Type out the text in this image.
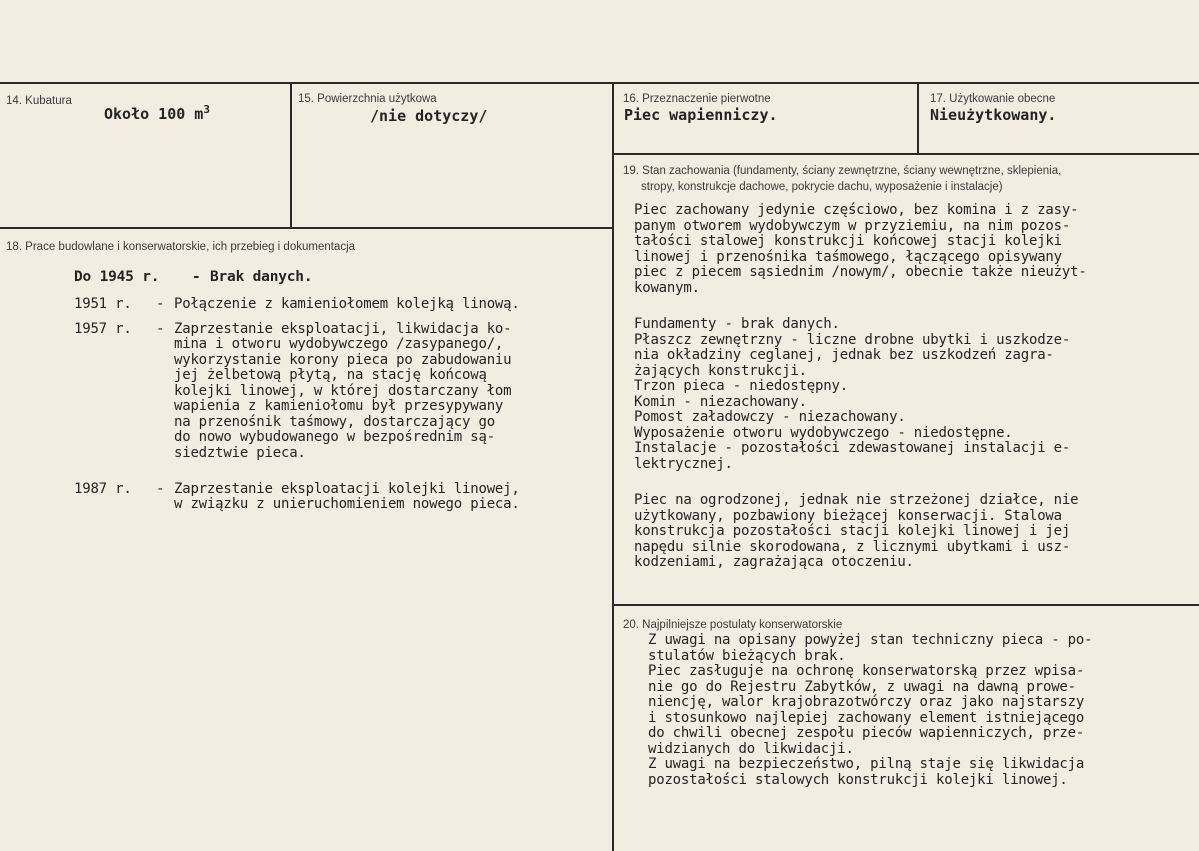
14. Kubatura
Około 100 $m^3$
15. Powierzchnia użytkowa
/nie dotyczy/
16. Przeznaczenie pierwotne
Piec wapienniczy.
17. Użytkowanie obecne
Nieużytkowany.
18. Prace budowlane i konserwatorskie, ich przebieg i dokumentacja

Do 1945 r. - Brak danych.

1951 r. - Połączenie z kamieniołomem kolejką linową.

1957 r. - Zaprzestanie eksploatacji, likwidacja ko-
mina i otworu wydobywczego /zasypanego/,
wykorzystanie korony pieca po zabudowaniu
jej żelbetową płytą, na stację końcową
kolejki linowej, w której dostarczany łom
wapienia z kamieniołomu był przesypywany
na przenośnik taśmowy, dostarczający go
do nowo wybudowanego w bezpośrednim są-
siedztwie pieca.

1987 r. - Zaprzestanie eksploatacji kolejki linowej,
w związku z unieruchomieniem nowego pieca.

19. Stan zachowania (fundamenty, ściany zewnętrzne, ściany wewnętrzne, sklepienia,
stropy, konstrukcje dachowe, pokrycie dachu, wyposażenie i instalacje)
Piec zachowany jedynie częściowo, bez komina i z zasy-
panym otworem wydobywczym w przyziemiu, na nim pozos-
tałości stalowej konstrukcji końcowej stacji kolejki
linowej i przenośnika taśmowego, łączącego opisywany
piec z piecem sąsiednim /nowym/, obecnie także nieużyt-
kowanym.
Fundamenty - brak danych.
Płaszcz zewnętrzny - liczne drobne ubytki i uszkodze-
nia okładziny ceglanej, jednak bez uszkodzeń zagra-
żających konstrukcji.
Trzon pieca - niedostępny.
Komin - niezachowany.
Pomost załadowczy - niezachowany.
Wyposażenie otworu wydobywczego - niedostępne.
Instalacje - pozostałości zdewastowanej instalacji e-
lektrycznej.
Piec na ogrodzonej, jednak nie strzeżonej działce, nie
użytkowany, pozbawiony bieżącej konserwacji. Stalowa
konstrukcja pozostałości stacji kolejki linowej i jej
napędu silnie skorodowana, z licznymi ubytkami i usz-
kodzeniami, zagrażająca otoczeniu.
20. Najpilniejsze postulaty konserwatorskie
Z uwagi na opisany powyżej stan techniczny pieca - po-
stulatów bieżących brak.
Piec zasługuje na ochronę konserwatorską przez wpisa-
nie go do Rejestru Zabytków, z uwagi na dawną prowe-
niencję, walor krajobrazotwórczy oraz jako najstarszy
i stosunkowo najlepiej zachowany element istniejącego
do chwili obecnej zespołu pieców wapienniczych, prze-
widzianych do likwidacji.
Z uwagi na bezpieczeństwo, pilną staje się likwidacja
pozostałości stalowych konstrukcji kolejki linowej.
